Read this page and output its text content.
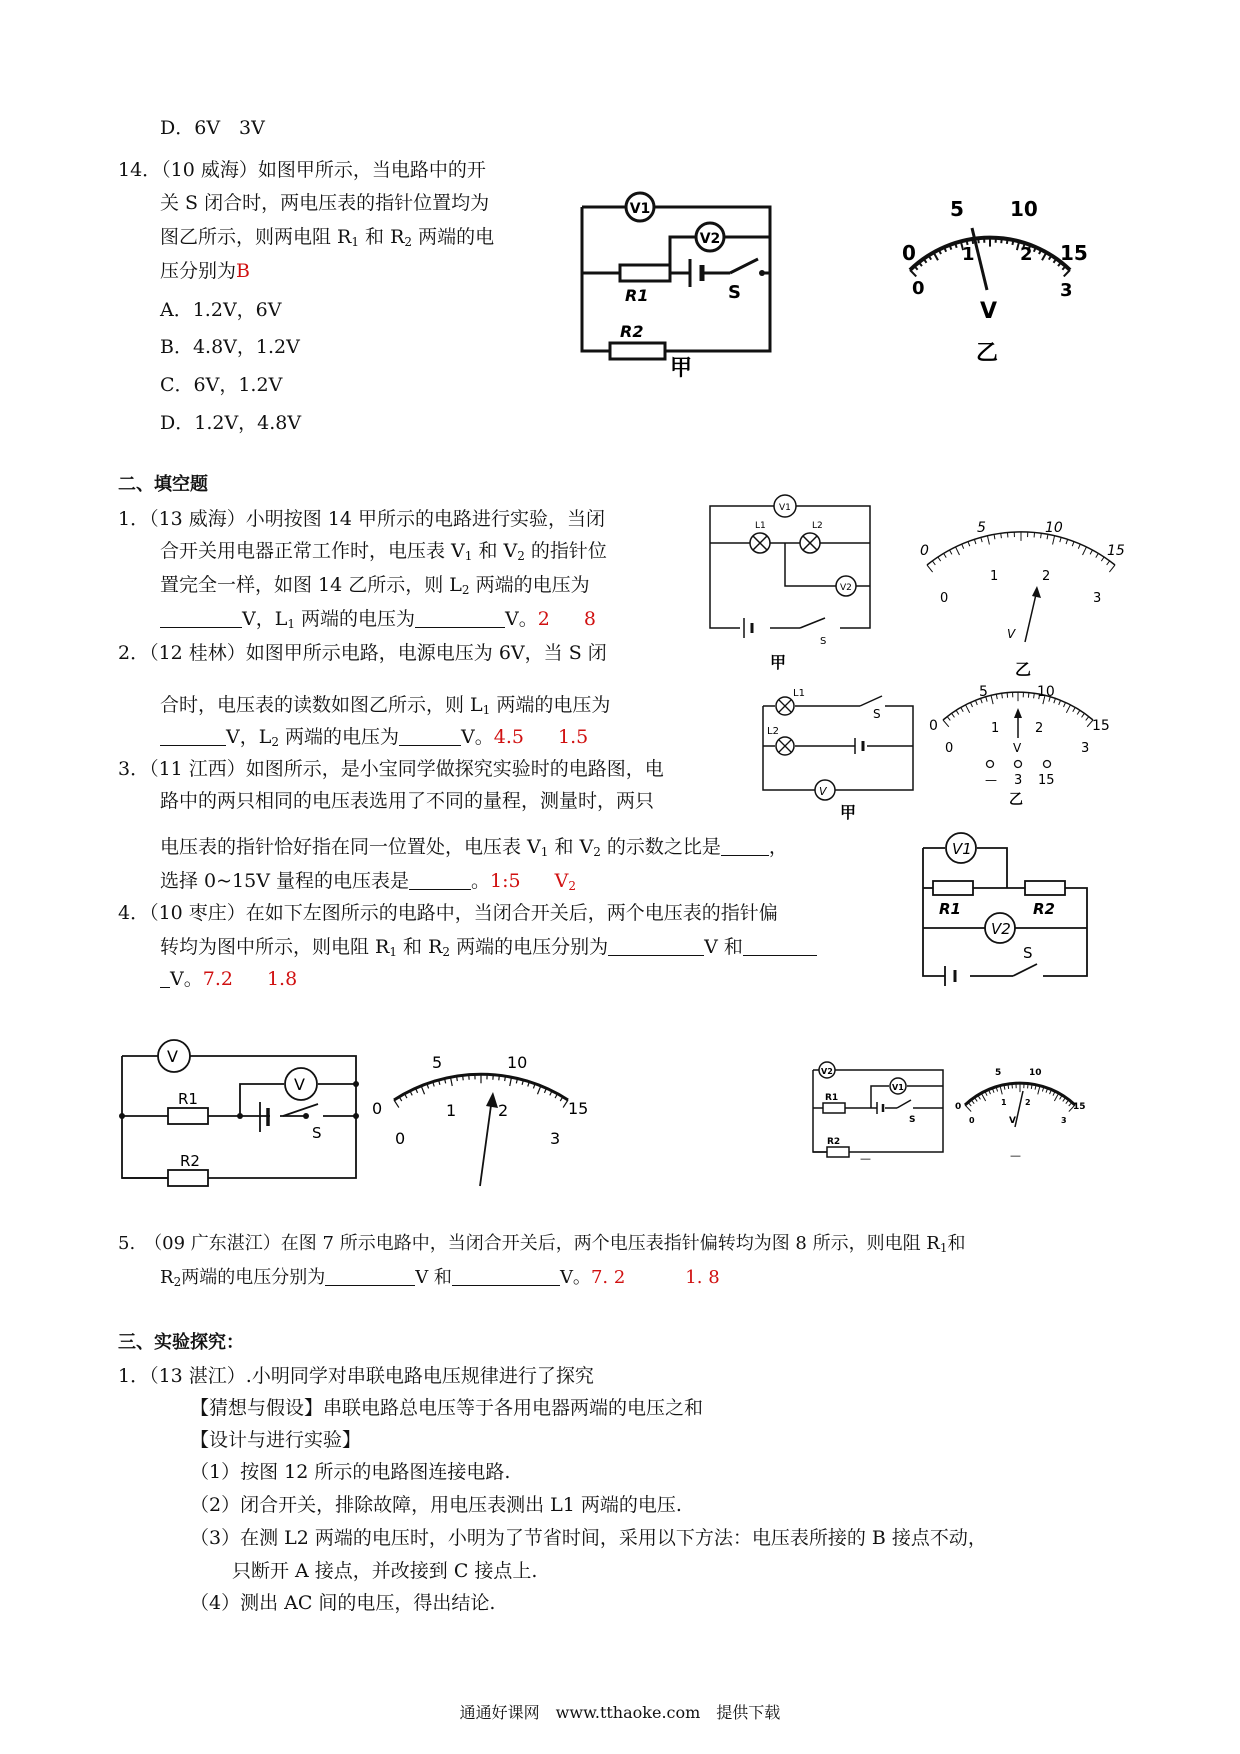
D．6V　3V
14．（10 威海）如图甲所示，当电路中的开
关 S 闭合时，两电压表的指针位置均为
图乙所示，则两电阻 $R_1$ 和 $R_2$ 两端的电
压分别为B
A．1.2V，6V
B．4.8V，1.2V
C．6V，1.2V
D．1.2V，4.8V
V1
V2
R1
R2
S
甲
0
5 10
15
0
1	2
3
V
乙
二、填空题
1．（13 威海）小明按图 14 甲所示的电路进行实验，当闭
合开关用电器正常工作时，电压表 $V_1$ 和 $V_2$ 的指针位
置完全一样，如图 14 乙所示，则 $L_2$ 两端的电压为
V，$L_1$ 两端的电压为	V。2 8
V1
V2
L1	L2
S
甲
0
5	10
15
0
1	2
3
V
乙
2．（12 桂林）如图甲所示电路，电源电压为 6V，当 S 闭
合时，电压表的读数如图乙所示，则 $L_1$ 两端的电压为
V，$L_2$ 两端的电压为	V。4.5 1.5
V
L1
L2
S
甲
0
5	10
15
0
1	2
3
V
— 3 15
乙
3．（11 江西）如图所示，是小宝同学做探究实验时的电路图，电
路中的两只相同的电压表选用了不同的量程，测量时，两只
电压表的指针恰好指在同一位置处，电压表 $V_1$ 和 $V_2$ 的示数之比是	，
选择 0~15V 量程的电压表是	。1:5 $V_2$
V1
V2
R1	R2
S
4．（10 枣庄）在如下左图所示的电路中，当闭合开关后，两个电压表的指针偏
转均为图中所示，则电阻 $R_1$ 和 $R_2$ 两端的电压分别为	V 和
V。7.2 1.8
V
V
R1
R2
S
0
5	10
15
0
1	2
3
V2
V1
R1
R2
S
—
0
5	10
15
0
1 2
3
V
—
5.　（09 广东湛江）在图 7 所示电路中，当闭合开关后，两个电压表指针偏转均为图 8 所示，则电阻 $R_1$和
$R_2$两端的电压分别为	V 和	V。7. 2	1. 8
三、实验探究：
1．（13 湛江）.小明同学对串联电路电压规律进行了探究
【猜想与假设】串联电路总电压等于各用电器两端的电压之和
【设计与进行实验】
（1）按图 12 所示的电路图连接电路.
（2）闭合开关，排除故障，用电压表测出 L1 两端的电压.
（3）在测 L2 两端的电压时，小明为了节省时间，采用以下方法：电压表所接的 B 接点不动，
只断开 A 接点，并改接到 C 接点上.
（4）测出 AC 间的电压，得出结论.
通通好课网　www.tthaoke.com　提供下载
